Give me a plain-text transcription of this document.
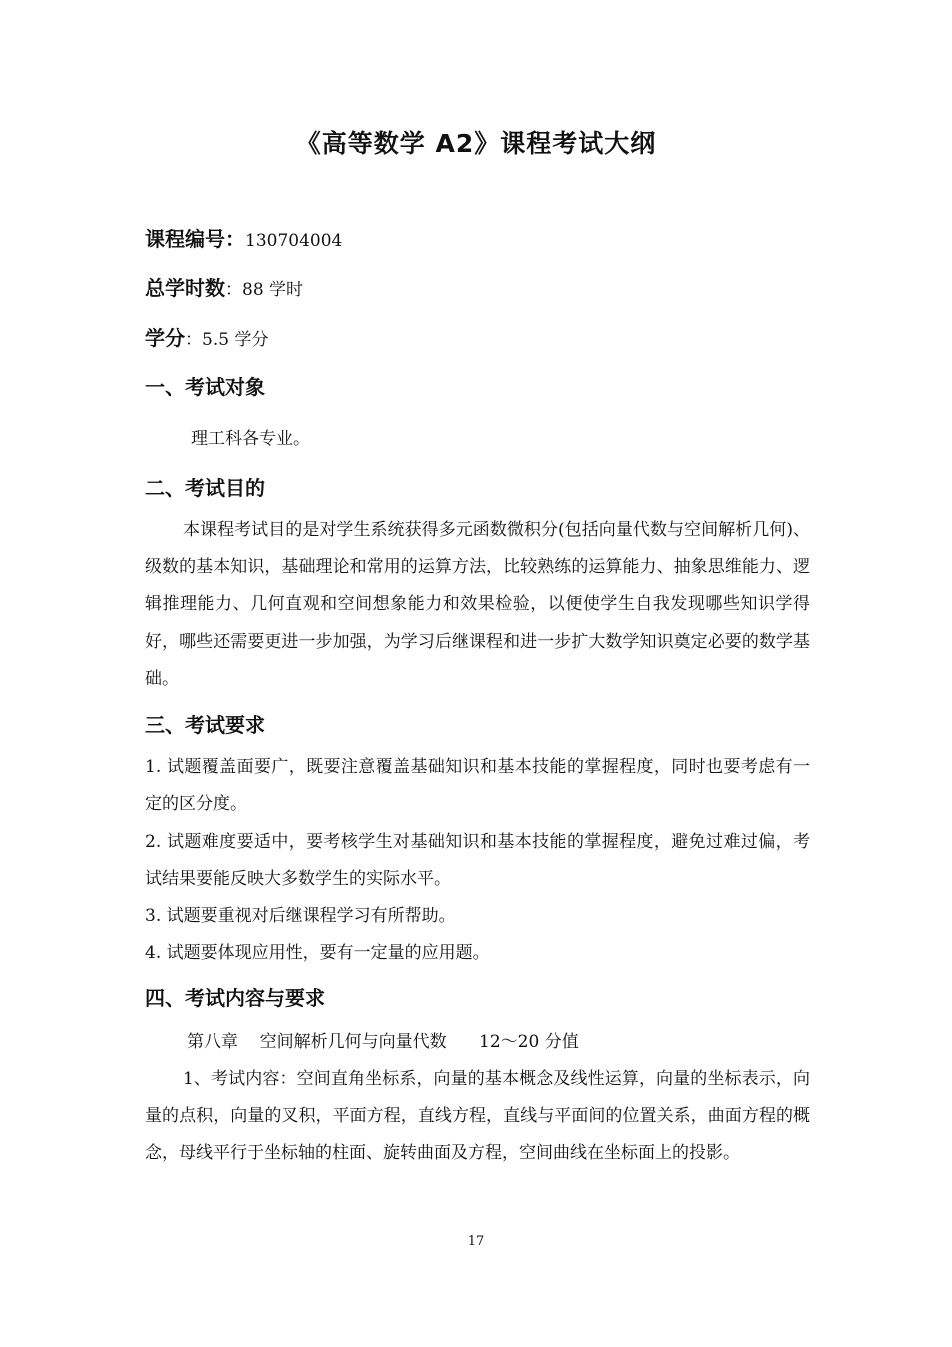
《高等数学 A2》课程考试大纲
课程编号：130704004
总学时数：88 学时
学分：5.5 学分
一、考试对象
理工科各专业。
二、考试目的
本课程考试目的是对学生系统获得多元函数微积分(包括向量代数与空间解析几何)、级数的基本知识，基础理论和常用的运算方法，比较熟练的运算能力、抽象思维能力、逻辑推理能力、几何直观和空间想象能力和效果检验，以便使学生自我发现哪些知识学得好，哪些还需要更进一步加强，为学习后继课程和进一步扩大数学知识奠定必要的数学基础。
三、考试要求
1. 试题覆盖面要广，既要注意覆盖基础知识和基本技能的掌握程度，同时也要考虑有一定的区分度。
2. 试题难度要适中，要考核学生对基础知识和基本技能的掌握程度，避免过难过偏，考试结果要能反映大多数学生的实际水平。
3. 试题要重视对后继课程学习有所帮助。
4. 试题要体现应用性，要有一定量的应用题。
四、考试内容与要求
第八章    空间解析几何与向量代数      12～20 分值
1、考试内容：空间直角坐标系，向量的基本概念及线性运算，向量的坐标表示，向量的点积，向量的叉积，平面方程，直线方程，直线与平面间的位置关系，曲面方程的概念，母线平行于坐标轴的柱面、旋转曲面及方程，空间曲线在坐标面上的投影。
17
